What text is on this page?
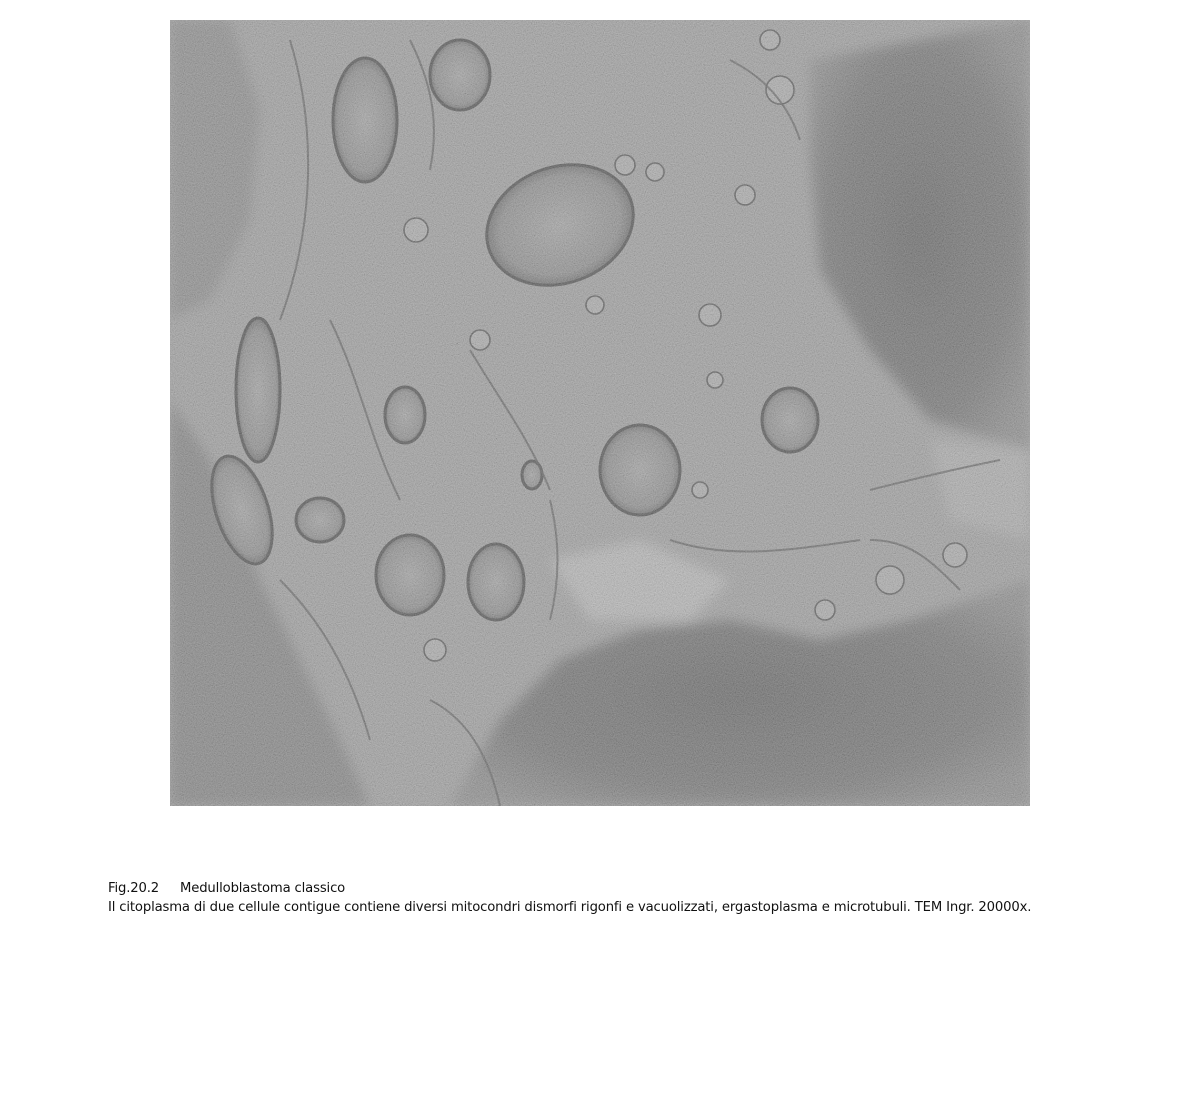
Fig.20.2 Medulloblastoma classico
Il citoplasma di due cellule contigue contiene diversi mitocondri dismorfi rigonfi e vacuolizzati, ergastoplasma e microtubuli. TEM Ingr. 20000x.
